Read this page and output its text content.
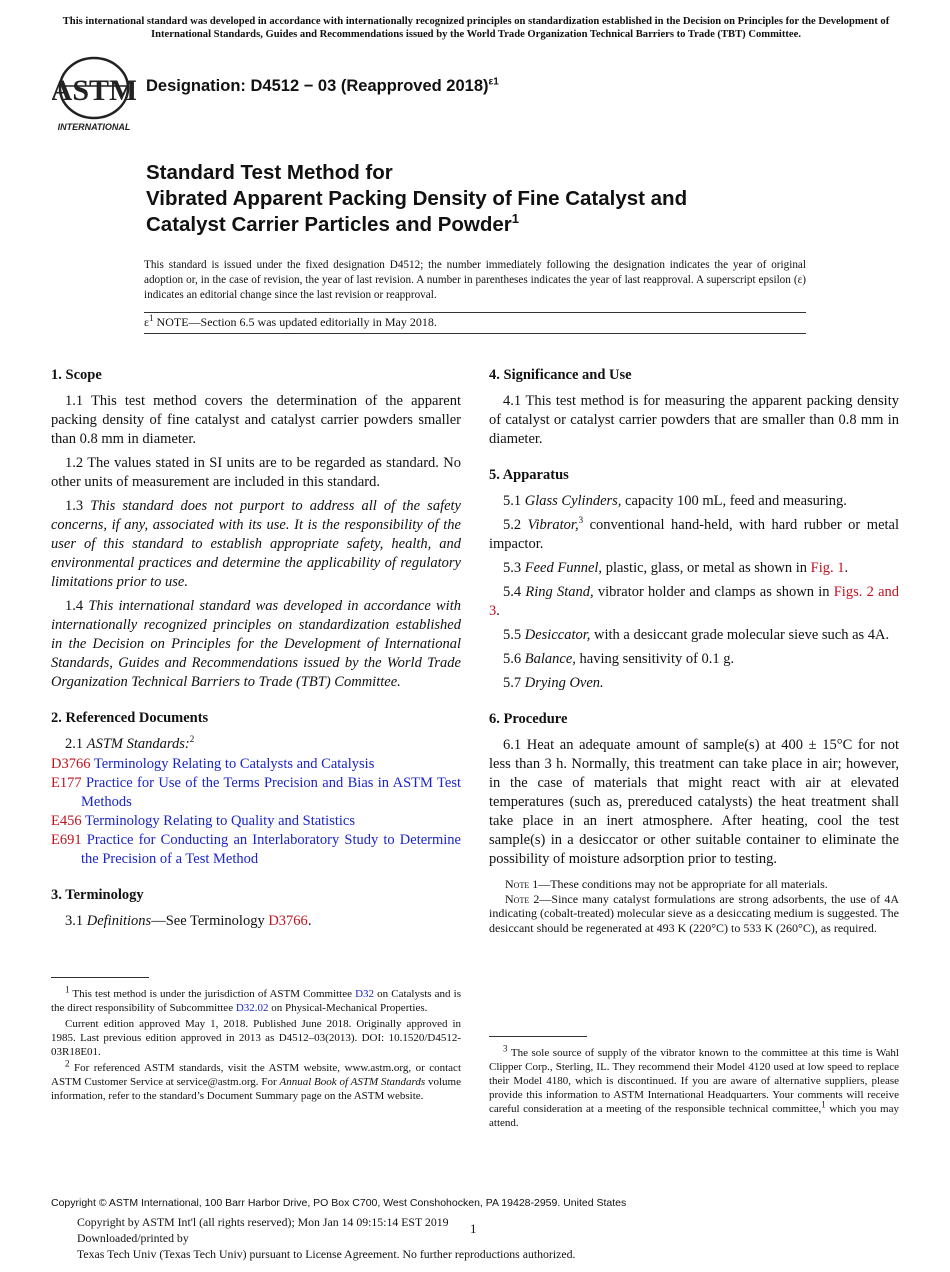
This international standard was developed in accordance with internationally recognized principles on standardization established in the Decision on Principles for the Development of International Standards, Guides and Recommendations issued by the World Trade Organization Technical Barriers to Trade (TBT) Committee.
ASTM
INTERNATIONAL
Designation: D4512 − 03 (Reapproved 2018)$^{\varepsilon 1}$
Standard Test Method for
Vibrated Apparent Packing Density of Fine Catalyst and
Catalyst Carrier Particles and Powder$^1$
This standard is issued under the fixed designation D4512; the number immediately following the designation indicates the year of original adoption or, in the case of revision, the year of last revision. A number in parentheses indicates the year of last reapproval. A superscript epsilon (ε) indicates an editorial change since the last revision or reapproval.
$\varepsilon^1$ NOTE—Section 6.5 was updated editorially in May 2018.
1. Scope

1.1 This test method covers the determination of the apparent packing density of fine catalyst and catalyst carrier powders smaller than 0.8 mm in diameter.

1.2 The values stated in SI units are to be regarded as standard. No other units of measurement are included in this standard.

1.3 This standard does not purport to address all of the safety concerns, if any, associated with its use. It is the responsibility of the user of this standard to establish appropriate safety, health, and environmental practices and determine the applicability of regulatory limitations prior to use.

1.4 This international standard was developed in accordance with internationally recognized principles on standardization established in the Decision on Principles for the Development of International Standards, Guides and Recommendations issued by the World Trade Organization Technical Barriers to Trade (TBT) Committee.

2. Referenced Documents

2.1 ASTM Standards:$^2$

D3766 Terminology Relating to Catalysts and Catalysis

E177 Practice for Use of the Terms Precision and Bias in ASTM Test Methods

E456 Terminology Relating to Quality and Statistics

E691 Practice for Conducting an Interlaboratory Study to Determine the Precision of a Test Method

3. Terminology

3.1 Definitions—See Terminology D3766.

4. Significance and Use

4.1 This test method is for measuring the apparent packing density of catalyst or catalyst carrier powders that are smaller than 0.8 mm in diameter.

5. Apparatus

5.1 Glass Cylinders, capacity 100 mL, feed and measuring.

5.2 Vibrator,$^3$ conventional hand-held, with hard rubber or metal impactor.

5.3 Feed Funnel, plastic, glass, or metal as shown in Fig. 1.

5.4 Ring Stand, vibrator holder and clamps as shown in Figs. 2 and 3.

5.5 Desiccator, with a desiccant grade molecular sieve such as 4A.

5.6 Balance, having sensitivity of 0.1 g.

5.7 Drying Oven.

6. Procedure

6.1 Heat an adequate amount of sample(s) at 400 ± 15°C for not less than 3 h. Normally, this treatment can take place in air; however, in the case of materials that might react with air at elevated temperatures (such as, prereduced catalysts) the heat treatment shall take place in an inert atmosphere. After heating, cool the test sample(s) in a desiccator or other suitable container to eliminate the possibility of moisture adsorption prior to testing.

Note 1—These conditions may not be appropriate for all materials.

Note 2—Since many catalyst formulations are strong adsorbents, the use of 4A indicating (cobalt-treated) molecular sieve as a desiccating medium is suggested. The desiccant should be regenerated at 493 K (220°C) to 533 K (260°C), as required.

$^1$ This test method is under the jurisdiction of ASTM Committee D32 on Catalysts and is the direct responsibility of Subcommittee D32.02 on Physical-Mechanical Properties.

Current edition approved May 1, 2018. Published June 2018. Originally approved in 1985. Last previous edition approved in 2013 as D4512–03(2013). DOI: 10.1520/D4512-03R18E01.

$^2$ For referenced ASTM standards, visit the ASTM website, www.astm.org, or contact ASTM Customer Service at service@astm.org. For Annual Book of ASTM Standards volume information, refer to the standard’s Document Summary page on the ASTM website.

$^3$ The sole source of supply of the vibrator known to the committee at this time is Wahl Clipper Corp., Sterling, IL. They recommend their Model 4120 used at low speed to replace their Model 4180, which is discontinued. If you are aware of alternative suppliers, please provide this information to ASTM International Headquarters. Your comments will receive careful consideration at a meeting of the responsible technical committee,$^1$ which you may attend.

Copyright © ASTM International, 100 Barr Harbor Drive, PO Box C700, West Conshohocken, PA 19428-2959. United States
Copyright by ASTM Int'l (all rights reserved); Mon Jan 14 09:15:14 EST 2019
Downloaded/printed by
Texas Tech Univ (Texas Tech Univ) pursuant to License Agreement. No further reproductions authorized.
1
